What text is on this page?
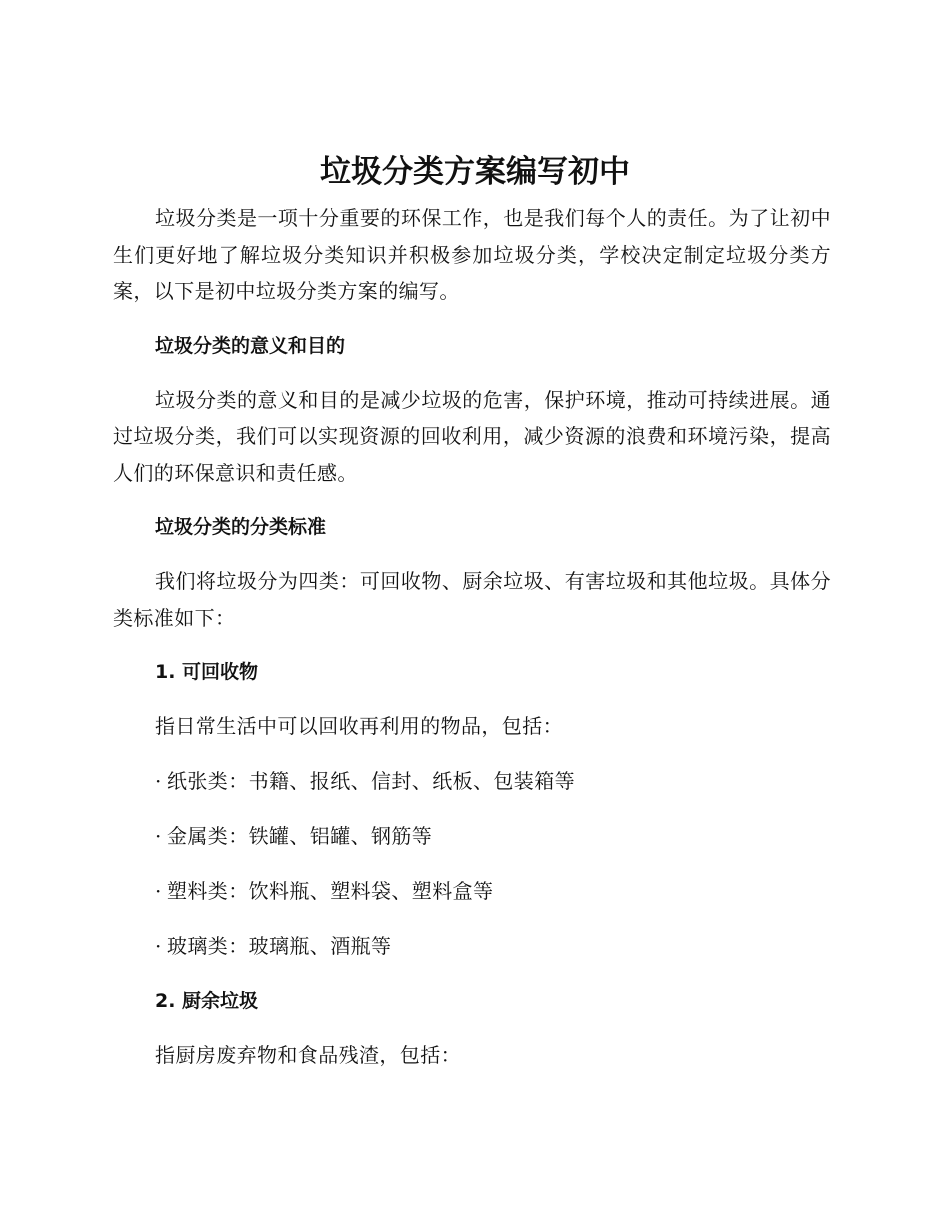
垃圾分类方案编写初中

垃圾分类是一项十分重要的环保工作，也是我们每个人的责任。为了让初中生们更好地了解垃圾分类知识并积极参加垃圾分类，学校决定制定垃圾分类方案，以下是初中垃圾分类方案的编写。

垃圾分类的意义和目的

垃圾分类的意义和目的是减少垃圾的危害，保护环境，推动可持续进展。通过垃圾分类，我们可以实现资源的回收利用，减少资源的浪费和环境污染，提高人们的环保意识和责任感。

垃圾分类的分类标准

我们将垃圾分为四类：可回收物、厨余垃圾、有害垃圾和其他垃圾。具体分类标准如下：

1. 可回收物
指日常生活中可以回收再利用的物品，包括：
· 纸张类：书籍、报纸、信封、纸板、包装箱等
· 金属类：铁罐、铝罐、钢筋等
· 塑料类：饮料瓶、塑料袋、塑料盒等
· 玻璃类：玻璃瓶、酒瓶等
2. 厨余垃圾
指厨房废弃物和食品残渣，包括：
